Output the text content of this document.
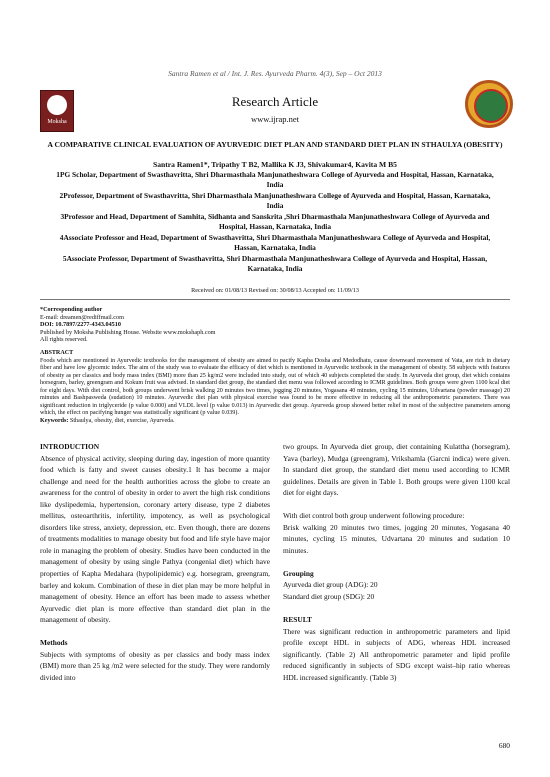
Santra Ramen et al / Int. J. Res. Ayurveda Pharm. 4(3), Sep – Oct 2013
Moksha
Research Article
www.ijrap.net
A COMPARATIVE CLINICAL EVALUATION OF AYURVEDIC DIET PLAN AND STANDARD DIET PLAN IN STHAULYA (OBESITY)
Santra Ramen1*, Tripathy T B2, Mallika K J3, Shivakumar4, Kavita M B5

1PG Scholar, Department of Swasthavritta, Shri Dharmasthala Manjunatheshwara College of Ayurveda and Hospital, Hassan, Karnataka, India

2Professor, Department of Swasthavritta, Shri Dharmasthala Manjunatheshwara College of Ayurveda and Hospital, Hassan, Karnataka, India

3Professor and Head, Department of Samhita, Sidhanta and Sanskrita ,Shri Dharmasthala Manjunatheshwara College of Ayurveda and Hospital, Hassan, Karnataka, India

4Associate Professor and Head, Department of Swasthavritta, Shri Dharmasthala Manjunatheshwara College of Ayurveda and Hospital, Hassan, Karnataka, India

5Associate Professor, Department of Swasthavritta, Shri Dharmasthala Manjunatheshwara College of Ayurveda and Hospital, Hassan, Karnataka, India

Received on: 01/08/13 Revised on: 30/08/13 Accepted on: 11/09/13
*Corresponding author
E-mail: dreamen@rediffmail.com
DOI: 10.7897/2277-4343.04510
Published by Moksha Publishing House. Website www.mokshaph.com
All rights reserved.
ABSTRACT
Foods which are mentioned in Ayurvedic textbooks for the management of obesity are aimed to pacify Kapha Dosha and Medodhatu, cause downward movement of Vata, are rich in dietary fiber and have low glycemic index. The aim of the study was to evaluate the efficacy of diet which is mentioned in Ayurvedic textbook in the management of obesity. 58 subjects with features of obesity as per classics and body mass index (BMI) more than 25 kg/m2 were included into study, out of which 40 subjects completed the study. In Ayurveda diet group, diet which contains horsegram, barley, greengram and Kokum fruit was advised. In standard diet group, the standard diet menu was followed according to ICMR guidelines. Both groups were given 1100 kcal diet for eight days. With diet control, both groups underwent brisk walking 20 minutes two times, jogging 20 minutes, Yogasana 40 minutes, cycling 15 minutes, Udvartana (powder massage) 20 minutes and Bashpasweda (sudation) 10 minutes. Ayurvedic diet plan with physical exercise was found to be more effective in reducing all the anthropometric parameters. There was significant reduction in triglyceride (p value 0.000) and VLDL level (p value 0.013) in Ayurvedic diet group. Ayurveda group showed better relief in most of the subjective parameters among which, the effect on pacifying hunger was statistically significant (p value 0.039).
Keywords: Sthaulya, obesity, diet, exercise, Ayurveda.

INTRODUCTION

Absence of physical activity, sleeping during day, ingestion of more quantity food which is fatty and sweet causes obesity.1 It has become a major challenge and need for the health authorities across the globe to create an awareness for the control of obesity in order to avert the high risk conditions like dyslipedemia, hypertension, coronary artery disease, type 2 diabetes mellitus, osteoarthritis, infertility, impotency, as well as psychological disorders like stress, anxiety, depression, etc. Even though, there are dozens of treatments modalities to manage obesity but food and life style have major role in managing the problem of obesity. Studies have been conducted in the management of obesity by using single Pathya (congenial diet) which have properties of Kapha Medahara (hypolipidemic) e.g. horsegram, greengram, barley and kokum. Combination of these in diet plan may be more helpful in management of obesity. Hence an effort has been made to assess whether Ayurvedic diet plan is more effective than standard diet plan in the management of obesity.

Methods

Subjects with symptoms of obesity as per classics and body mass index (BMI) more than 25 kg /m2 were selected for the study. They were randomly divided into

two groups. In Ayurveda diet group, diet containing Kulattha (horsegram), Yava (barley), Mudga (greengram), Vrikshamla (Garcni indica) were given. In standard diet group, the standard diet menu used according to ICMR guidelines. Details are given in Table 1. Both groups were given 1100 kcal diet for eight days.

With diet control both group underwent following procedure:

Brisk walking 20 minutes two times, jogging 20 minutes, Yogasana 40 minutes, cycling 15 minutes, Udvartana 20 minutes and sudation 10 minutes.

Grouping

Ayurveda diet group (ADG): 20

Standard diet group (SDG): 20

RESULT

There was significant reduction in anthropometric parameters and lipid profile except HDL in subjects of ADG, whereas HDL increased significantly. (Table 2) All anthropometric parameter and lipid profile reduced significantly in subjects of SDG except waist–hip ratio whereas HDL increased significantly. (Table 3)

680
